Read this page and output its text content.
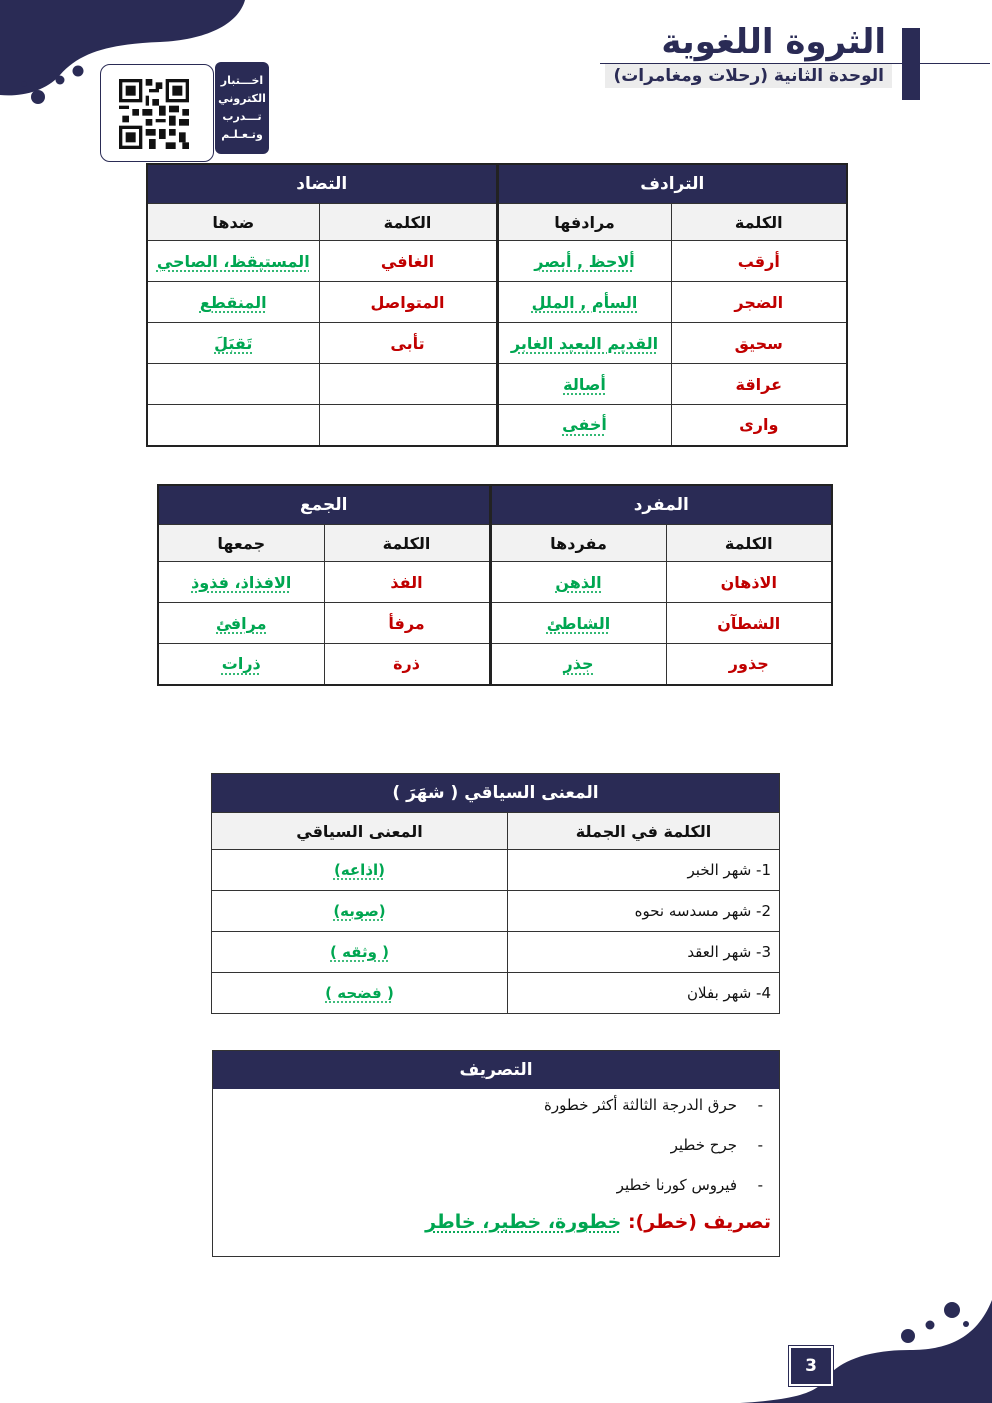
الثروة اللغوية
الوحدة الثانية (رحلات ومغامرات)
اخـــتبار
الكتروني
تـــدرب
وتـعـلـم
الترادف		التضاد	
الكلمة	مرادفها	الكلمة	ضدها
أرقب	ألاحظ , أبصر	الغافي	المستيقظ، الصاحي
الضجر	السأم , الملل	المتواصل	المنقطع
سحيق	القديم البعيد الغابر	تأبى	تَقبَلَ
عراقة	أصالة		
وارى	أخفى		
المفرد		الجمع	
الكلمة	مفردها	الكلمة	جمعها
الاذهان	الذهن	الفذ	الافذاذ، فذوذ
الشطآن	الشاطئ	مرفأ	مرافئ
جذور	جذر	ذرة	ذرات
المعنى السياقي ( شهَرَ )	
الكلمة في الجملة	المعنى السياقي
1- شهر الخبر	(اذاعه)
2- شهر مسدسه نحوه	(صوبه)
3- شهر العقد	( وثقه )
4- شهر بفلان	( فضحه )
التصريف
-حرق الدرجة الثالثة أكثر خطورة
-جرح خطير
-فيروس كورنا خطير
تصريف (خطر): خطورة، خطير، خاطر
3
